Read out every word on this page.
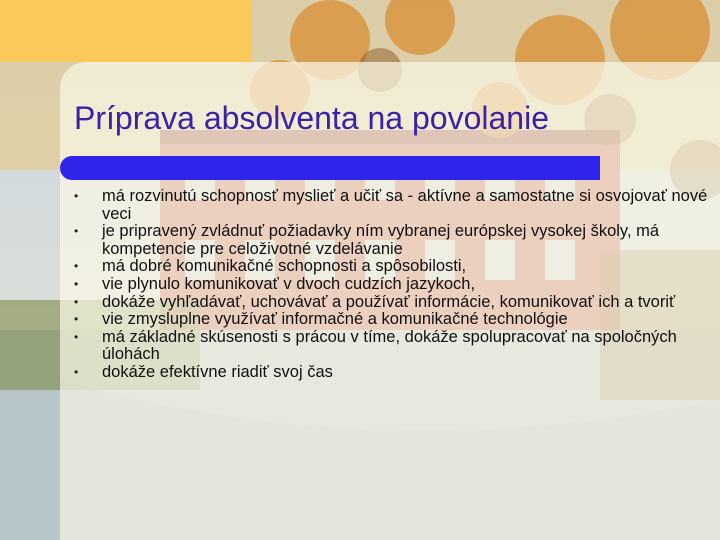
Príprava absolventa na povolanie
• má rozvinutú schopnosť myslieť a učiť sa - aktívne a samostatne si osvojovať nové veci
• je pripravený zvládnuť požiadavky ním vybranej európskej vysokej školy, má kompetencie pre celoživotné vzdelávanie
• má dobré komunikačné schopnosti a spôsobilosti,
• vie plynulo komunikovať v dvoch cudzích jazykoch,
• dokáže vyhľadávať, uchovávať a používať informácie, komunikovať ich a tvoriť
• vie zmysluplne využívať informačné a komunikačné technológie
• má základné skúsenosti s prácou v tíme, dokáže spolupracovať na spoločných úlohách
• dokáže efektívne riadiť svoj čas
